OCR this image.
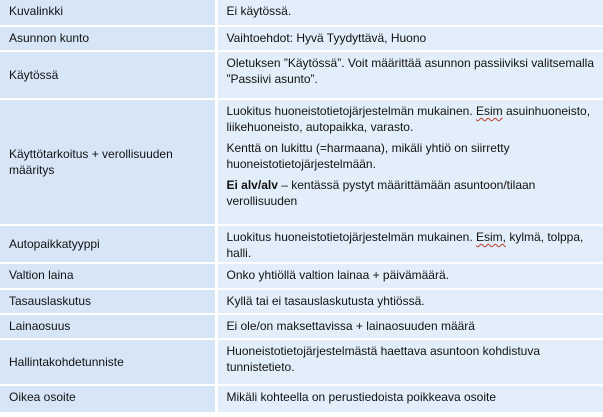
Kuvalinkki	Ei käytössä.
Asunnon kunto	Vaihtoehdot: Hyvä Tyydyttävä, Huono
Käytössä	Oletuksen ”Käytössä”. Voit määrittää asunnon passiiviksi valitsemalla ”Passiivi asunto”.
Käyttötarkoitus + verollisuuden määritys	Luokitus huoneistotietojärjestelmän mukainen. Esim asuinhuoneisto, liikehuoneisto, autopaikka, varasto.

Kenttä on lukittu (=harmaana), mikäli yhtiö on siirretty huoneistotietojärjestelmään.

Ei alv/alv – kentässä pystyt määrittämään asuntoon/tilaan verollisuuden

Autopaikkatyyppi	Luokitus huoneistotietojärjestelmän mukainen. Esim, kylmä, tolppa, halli.
Valtion laina	Onko yhtiöllä valtion lainaa + päivämäärä.
Tasauslaskutus	Kyllä tai ei tasauslaskutusta yhtiössä.
Lainaosuus	Ei ole/on maksettavissa + lainaosuuden määrä
Hallintakohdetunniste	Huoneistotietojärjestelmästä haettava asuntoon kohdistuva tunnistetieto.
Oikea osoite	Mikäli kohteella on perustiedoista poikkeava osoite
